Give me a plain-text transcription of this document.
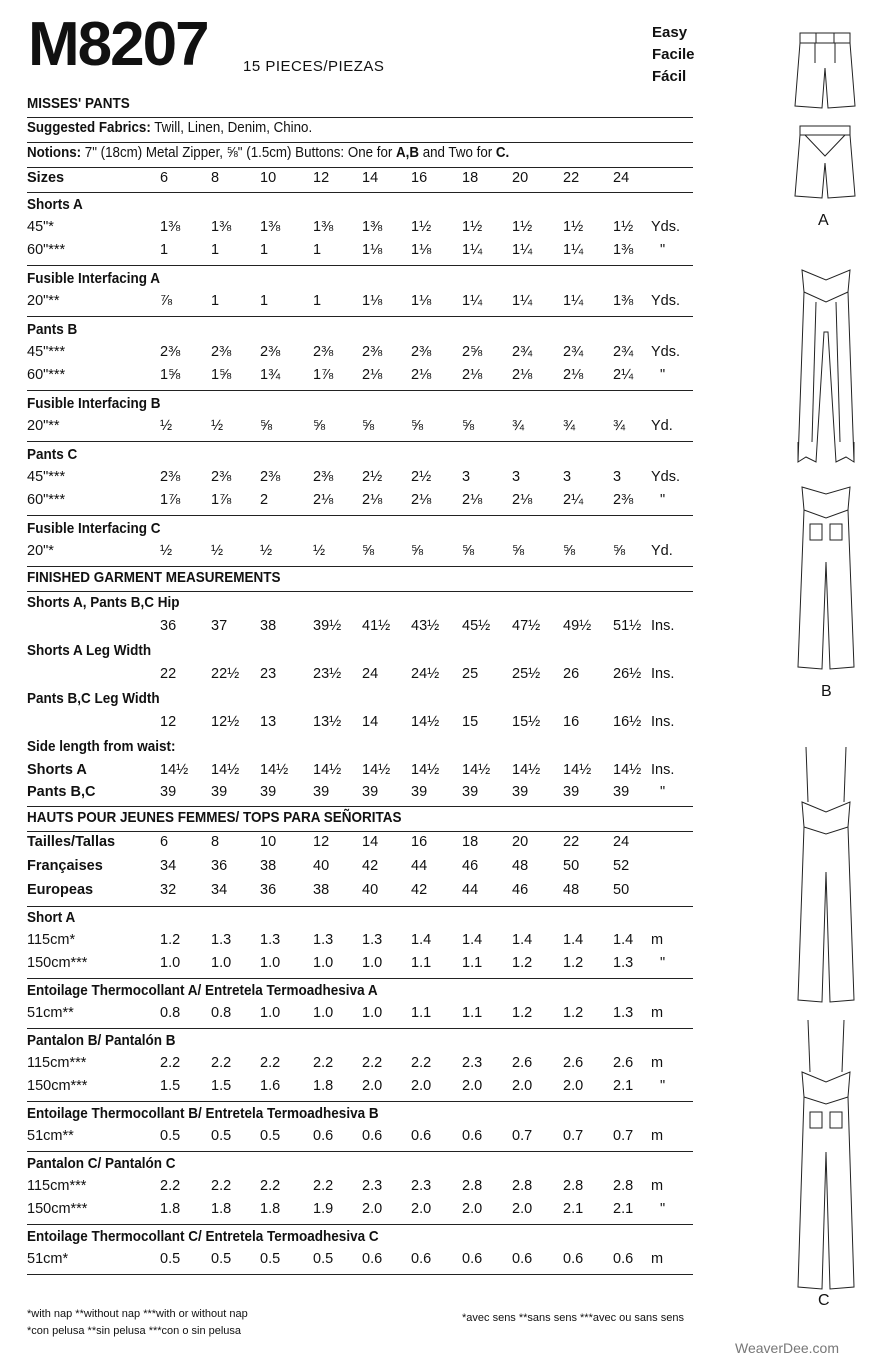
M8207 15 PIECES/PIEZAS
Easy
Facile
Fácil
MISSES' PANTS
Suggested Fabrics: Twill, Linen, Denim, Chino.
Notions: 7" (18cm) Metal Zipper, ⅝" (1.5cm) Buttons: One for A,B and Two for C.
Sizes	6	8	10	12 14 16 18 20 22 24
Shorts A
45"*	1⅜ 1⅜ 1⅜ 1⅜ 1⅜ 1½ 1½ 1½ 1½ 1½ Yds.
60"***	1	1	1	1	1⅛ 1⅛ 1¼ 1¼ 1¼ 1⅜ "
Fusible Interfacing A
20"**	⅞	1	1	1	1⅛ 1⅛ 1¼ 1¼ 1¼ 1⅜ Yds.
Pants B
45"***	2⅜ 2⅜ 2⅜ 2⅜ 2⅜ 2⅜ 2⅝ 2¾ 2¾ 2¾ Yds.
60"***	1⅝ 1⅝ 1¾ 1⅞ 2⅛ 2⅛ 2⅛ 2⅛ 2⅛ 2¼ "
Fusible Interfacing B
20"**	½	½	⅝	⅝	⅝	⅝	⅝	¾	¾	¾ Yd.
Pants C
45"***	2⅜ 2⅜ 2⅜ 2⅜ 2½ 2½ 3	3	3	3 Yds.
60"***	1⅞ 1⅞ 2	2⅛ 2⅛ 2⅛ 2⅛ 2⅛ 2¼ 2⅜ "
Fusible Interfacing C
20"*	½	½	½	½	⅝	⅝	⅝	⅝	⅝	⅝ Yd.
FINISHED GARMENT MEASUREMENTS
Shorts A, Pants B,C Hip
36 37 38	39½ 41½ 43½ 45½ 47½ 49½ 51½ Ins.
Shorts A Leg Width
22 22½ 23	23½ 24 24½ 25 25½ 26 26½ Ins.
Pants B,C Leg Width
12 12½ 13	13½ 14 14½ 15 15½ 16 16½ Ins.
Side length from waist:
Shorts A	14½ 14½ 14½ 14½ 14½ 14½ 14½ 14½ 14½ 14½ Ins.
Pants B,C	39 39 39	39 39 39 39 39 39 39 "
HAUTS POUR JEUNES FEMMES/ TOPS PARA SEÑORITAS
Tailles/Tallas	6	8	10	12 14 16 18 20 22 24
Françaises	34 36 38	40 42 44 46 48 50 52
Europeas	32 34 36	38 40 42 44 46 48 50
Short A
115cm*	1.2 1.3 1.3 1.3 1.3 1.4 1.4 1.4 1.4 1.4 m
150cm***	1.0 1.0 1.0 1.0 1.0 1.1 1.1 1.2 1.2 1.3 "
Entoilage Thermocollant A/ Entretela Termoadhesiva A
51cm**	0.8 0.8 1.0 1.0 1.0 1.1 1.1 1.2 1.2 1.3 m
Pantalon B/ Pantalón B
115cm***	2.2 2.2 2.2 2.2 2.2 2.2 2.3 2.6 2.6 2.6 m
150cm***	1.5 1.5 1.6 1.8 2.0 2.0 2.0 2.0 2.0 2.1 "
Entoilage Thermocollant B/ Entretela Termoadhesiva B
51cm**	0.5 0.5 0.5 0.6 0.6 0.6 0.6 0.7 0.7 0.7 m
Pantalon C/ Pantalón C
115cm***	2.2 2.2 2.2 2.2 2.3 2.3 2.8 2.8 2.8 2.8 m
150cm***	1.8 1.8 1.8 1.9 2.0 2.0 2.0 2.0 2.1 2.1 "
Entoilage Thermocollant C/ Entretela Termoadhesiva C
51cm*	0.5 0.5 0.5 0.5 0.6 0.6 0.6 0.6 0.6 0.6 m
A
B
C
*with nap **without nap ***with or without nap
*con pelusa **sin pelusa ***con o sin pelusa
*avec sens **sans sens ***avec ou sans sens
WeaverDee.com
